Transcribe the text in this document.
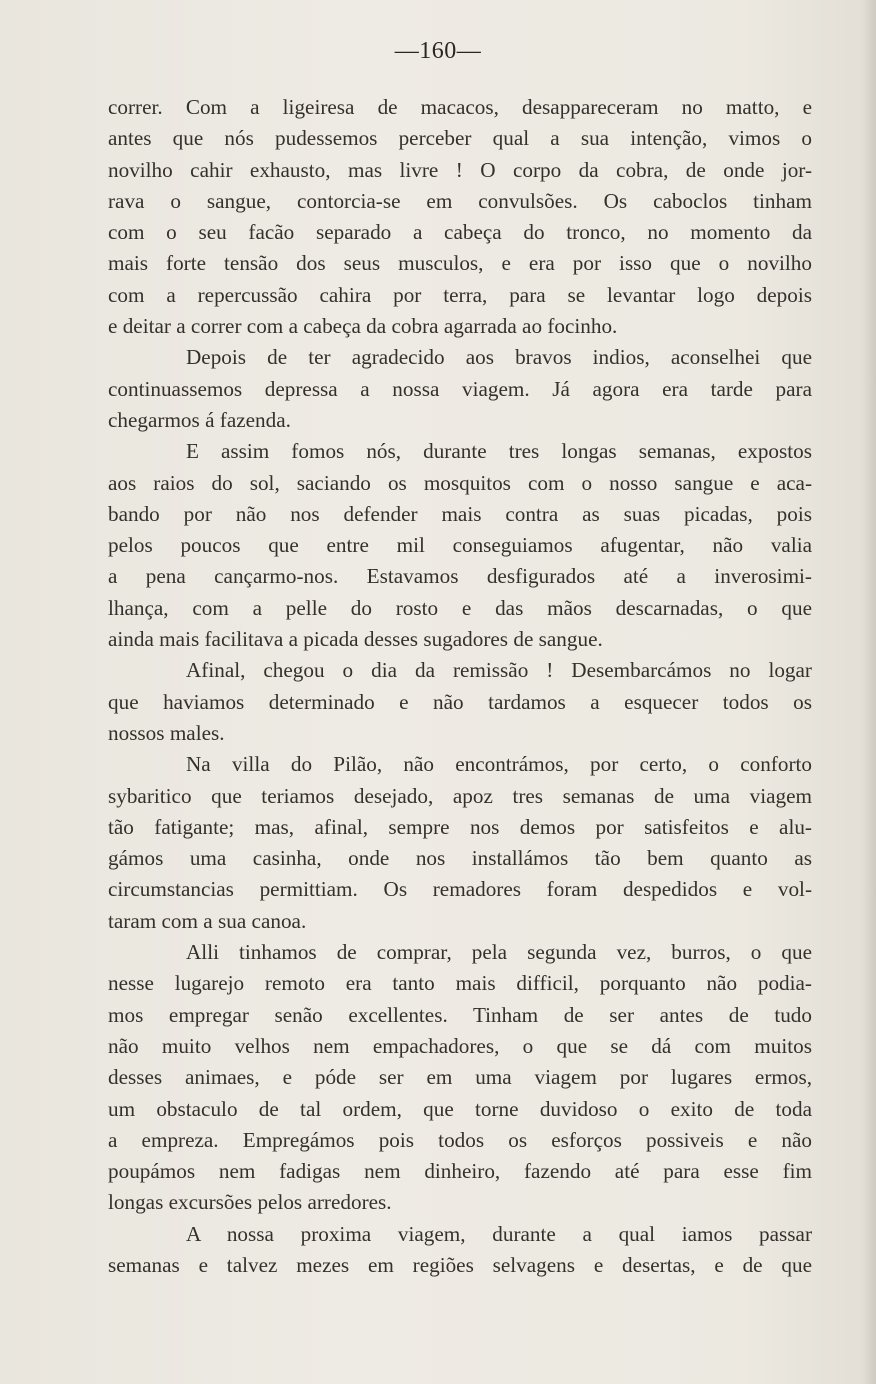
—160—
correr. Com a ligeiresa de macacos, desappareceram no matto, e
antes que nós pudessemos perceber qual a sua intenção, vimos o
novilho cahir exhausto, mas livre ! O corpo da cobra, de onde jor-
rava o sangue, contorcia-se em convulsões. Os caboclos tinham
com o seu facão separado a cabeça do tronco, no momento da
mais forte tensão dos seus musculos, e era por isso que o novilho
com a repercussão cahira por terra, para se levantar logo depois
e deitar a correr com a cabeça da cobra agarrada ao focinho.
Depois de ter agradecido aos bravos indios, aconselhei que
continuassemos depressa a nossa viagem. Já agora era tarde para
chegarmos á fazenda.
E assim fomos nós, durante tres longas semanas, expostos
aos raios do sol, saciando os mosquitos com o nosso sangue e aca-
bando por não nos defender mais contra as suas picadas, pois
pelos poucos que entre mil conseguiamos afugentar, não valia
a pena cançarmo-nos. Estavamos desfigurados até a inverosimi-
lhança, com a pelle do rosto e das mãos descarnadas, o que
ainda mais facilitava a picada desses sugadores de sangue.
Afinal, chegou o dia da remissão ! Desembarcámos no logar
que haviamos determinado e não tardamos a esquecer todos os
nossos males.
Na villa do Pilão, não encontrámos, por certo, o conforto
sybaritico que teriamos desejado, apoz tres semanas de uma viagem
tão fatigante; mas, afinal, sempre nos demos por satisfeitos e alu-
gámos uma casinha, onde nos installámos tão bem quanto as
circumstancias permittiam. Os remadores foram despedidos e vol-
taram com a sua canoa.
Alli tinhamos de comprar, pela segunda vez, burros, o que
nesse lugarejo remoto era tanto mais difficil, porquanto não podia-
mos empregar senão excellentes. Tinham de ser antes de tudo
não muito velhos nem empachadores, o que se dá com muitos
desses animaes, e póde ser em uma viagem por lugares ermos,
um obstaculo de tal ordem, que torne duvidoso o exito de toda
a empreza. Empregámos pois todos os esforços possiveis e não
poupámos nem fadigas nem dinheiro, fazendo até para esse fim
longas excursões pelos arredores.
A nossa proxima viagem, durante a qual iamos passar
semanas e talvez mezes em regiões selvagens e desertas, e de que
